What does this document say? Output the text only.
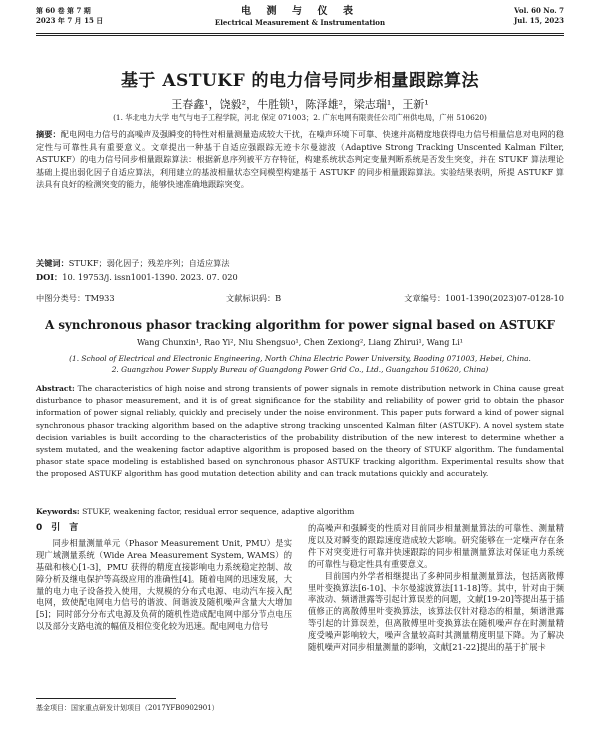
第 60 卷 第 7 期
2023 年 7 月 15 日
电 测 与 仪 表
Electrical Measurement & Instrumentation
Vol. 60 No. 7
Jul. 15, 2023
基于 ASTUKF 的电力信号同步相量跟踪算法
王春鑫¹，饶毅²，牛胜锁¹，陈泽雄²，梁志瑞¹，王新¹
(1. 华北电力大学 电气与电子工程学院，河北 保定 071003；2. 广东电网有限责任公司广州供电局，广州 510620)
摘要：配电网电力信号的高噪声及强瞬变的特性对相量测量造成较大干扰，在噪声环境下可靠、快速并高精度地获得电力信号相量信息对电网的稳定性与可靠性具有重要意义。文章提出一种基于自适应强跟踪无迹卡尔曼滤波（Adaptive Strong Tracking Unscented Kalman Filter, ASTUKF）的电力信号同步相量跟踪算法：根据新息序列被平方存特征，构建系统状态判定变量判断系统是否发生突变，并在 STUKF 算法理论基础上提出弱化因子自适应算法，利用建立的基波相量状态空间模型构建基于 ASTUKF 的同步相量跟踪算法。实验结果表明，所提 ASTUKF 算法具有良好的检测突变的能力，能够快速准确地跟踪突变。
关键词：STUKF；弱化因子；残差序列；自适应算法
DOI：10. 19753/j. issn1001-1390. 2023. 07. 020
中图分类号：TM933	文献标识码：B	文章编号：1001-1390(2023)07-0128-10
A synchronous phasor tracking algorithm for power signal based on ASTUKF
Wang Chunxin¹, Rao Yi², Niu Shengsuo¹, Chen Zexiong², Liang Zhirui¹, Wang Li¹
(1. School of Electrical and Electronic Engineering, North China Electric Power University, Baoding 071003, Hebei, China.
2. Guangzhou Power Supply Bureau of Guangdong Power Grid Co., Ltd., Guangzhou 510620, China)
Abstract: The characteristics of high noise and strong transients of power signals in remote distribution network in China cause great disturbance to phasor measurement, and it is of great significance for the stability and reliability of power grid to obtain the phasor information of power signal reliably, quickly and precisely under the noise environment. This paper puts forward a kind of power signal synchronous phasor tracking algorithm based on the adaptive strong tracking unscented Kalman filter (ASTUKF). A novel system state decision variables is built according to the characteristics of the probability distribution of the new interest to determine whether a system mutated, and the weakening factor adaptive algorithm is proposed based on the theory of STUKF algorithm. The fundamental phasor state space modeling is established based on synchronous phasor ASTUKF tracking algorithm. Experimental results show that the proposed ASTUKF algorithm has good mutation detection ability and can track mutations quickly and accurately.
Keywords: STUKF, weakening factor, residual error sequence, adaptive algorithm
0　引　言

同步相量测量单元（Phasor Measurement Unit, PMU）是实现广域测量系统（Wide Area Measurement System, WAMS）的基础和核心[1-3]，PMU 获得的精度直接影响电力系统稳定控制、故障分析及继电保护等高级应用的准确性[4]。随着电网的迅速发展，大量的电力电子设备投入使用，大规模的分布式电源、电动汽车接入配电网，致使配电网电力信号的谐波、间谐波及随机噪声含量大大增加[5]；同时部分分布式电源及负荷的随机性造成配电网中部分节点电压以及部分支路电流的幅值及相位变化较为迅速。配电网电力信号

的高噪声和强瞬变的性质对目前同步相量测量算法的可靠性、测量精度以及对瞬变的跟踪速度造成较大影响。研究能够在一定噪声存在条件下对突变进行可靠并快速跟踪的同步相量测量算法对保证电力系统的可靠性与稳定性具有重要意义。

目前国内外学者相继提出了多种同步相量测量算法，包括离散傅里叶变换算法[6-10]、卡尔曼滤波算法[11-18]等。其中，针对由于频率波动、频谱泄露等引起计算误差的问题，文献[19-20]等提出基于插值修正的离散傅里叶变换算法，该算法仅针对稳态的相量，频谱泄露等引起的计算误差，但离散傅里叶变换算法在随机噪声存在时测量精度受噪声影响较大，噪声含量较高时其测量精度明显下降。为了解决随机噪声对同步相量测量的影响，文献[21-22]提出的基于扩展卡

基金项目：国家重点研发计划项目（2017YFB0902901）
